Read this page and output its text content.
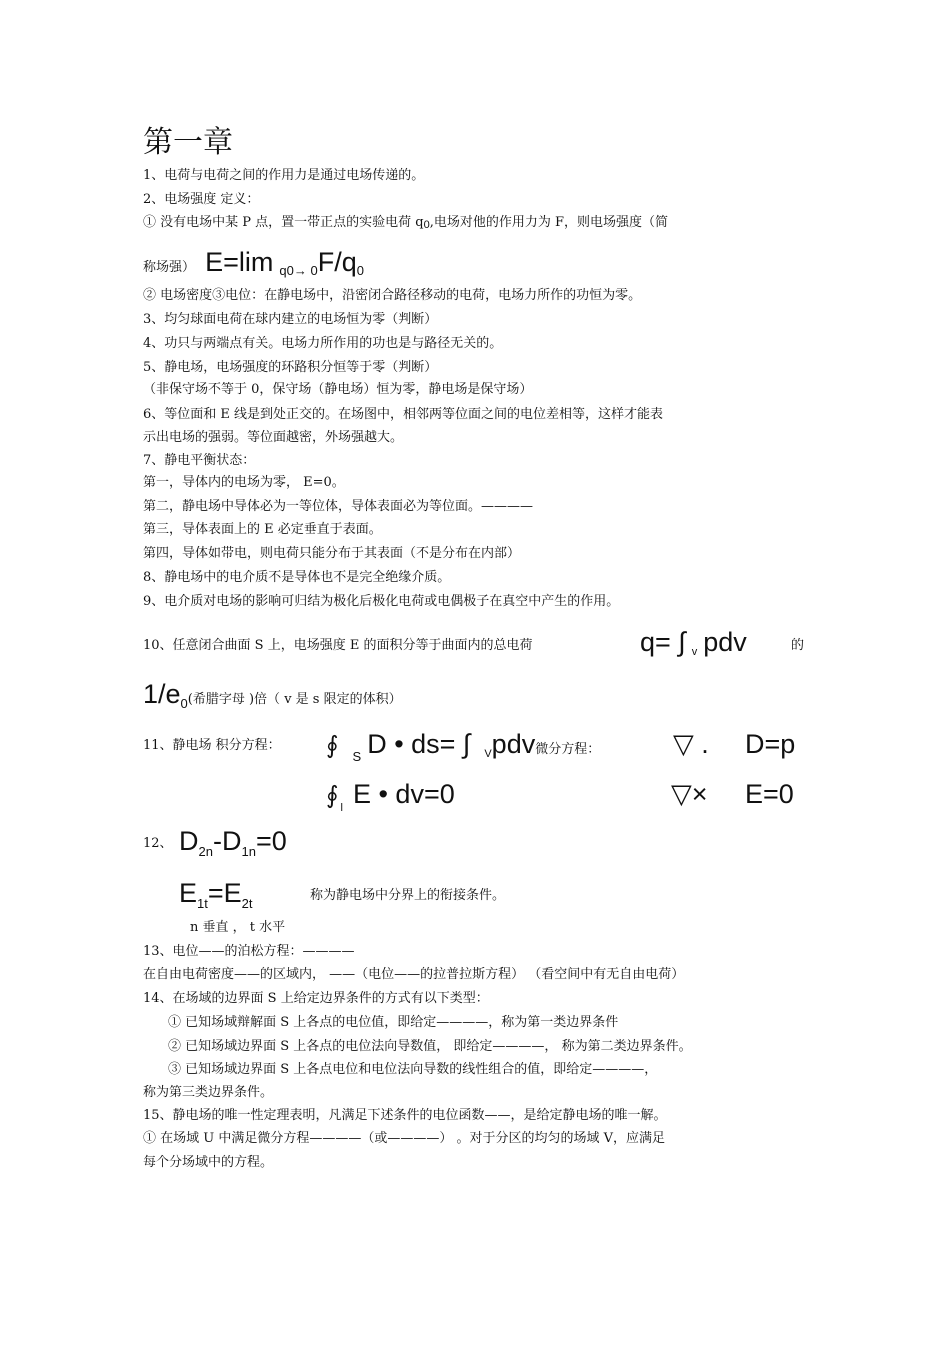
第一章
1、电荷与电荷之间的作用力是通过电场传递的。
2、电场强度 定义：
① 没有电场中某 P 点，置一带正点的实验电荷 q0,电场对他的作用力为 F，则电场强度（简
称场强） E=lim q0→ 0F/q0
② 电场密度③电位：在静电场中，沿密闭合路径移动的电荷，电场力所作的功恒为零。
3、均匀球面电荷在球内建立的电场恒为零（判断）
4、功只与两端点有关。电场力所作用的功也是与路径无关的。
5、静电场，电场强度的环路积分恒等于零（判断）
（非保守场不等于 0，保守场（静电场）恒为零，静电场是保守场）
6、等位面和 E 线是到处正交的。在场图中，相邻两等位面之间的电位差相等，这样才能表
示出电场的强弱。等位面越密，外场强越大。
7、静电平衡状态：
第一，导体内的电场为零， E=0。
第二，静电场中导体必为一等位体，导体表面必为等位面。————
第三，导体表面上的 E 必定垂直于表面。
第四，导体如带电，则电荷只能分布于其表面（不是分布在内部）
8、静电场中的电介质不是导体也不是完全绝缘介质。
9、电介质对电场的影响可归结为极化后极化电荷或电偶极子在真空中产生的作用。
10、任意闭合曲面 S 上，电场强度 E 的面积分等于曲面内的总电荷	q= ∫ $_v$ pdv	的
1/e0(希腊字母 )倍（ v 是 s 限定的体积）
11、静电场 积分方程： ∮ S D • ds= ∫ $_V$pdv微分方程：	▽ . D=p
∮ $_l$ E • dv=0	▽× E=0
12、 D2n-D1n=0
E1t=E2t
称为静电场中分界上的衔接条件。
n 垂直 ， t 水平
13、电位——的泊松方程：————
在自由电荷密度——的区域内， ——（电位——的拉普拉斯方程） （看空间中有无自由电荷）
14、在场域的边界面 S 上给定边界条件的方式有以下类型：
① 已知场域辩解面 S 上各点的电位值，即给定————，称为第一类边界条件
② 已知场域边界面 S 上各点的电位法向导数值， 即给定————， 称为第二类边界条件。
③ 已知场域边界面 S 上各点电位和电位法向导数的线性组合的值，即给定————，
称为第三类边界条件。
15、静电场的唯一性定理表明，凡满足下述条件的电位函数——，是给定静电场的唯一解。
① 在场域 U 中满足微分方程————（或————） 。对于分区的均匀的场域 V，应满足
每个分场域中的方程。
